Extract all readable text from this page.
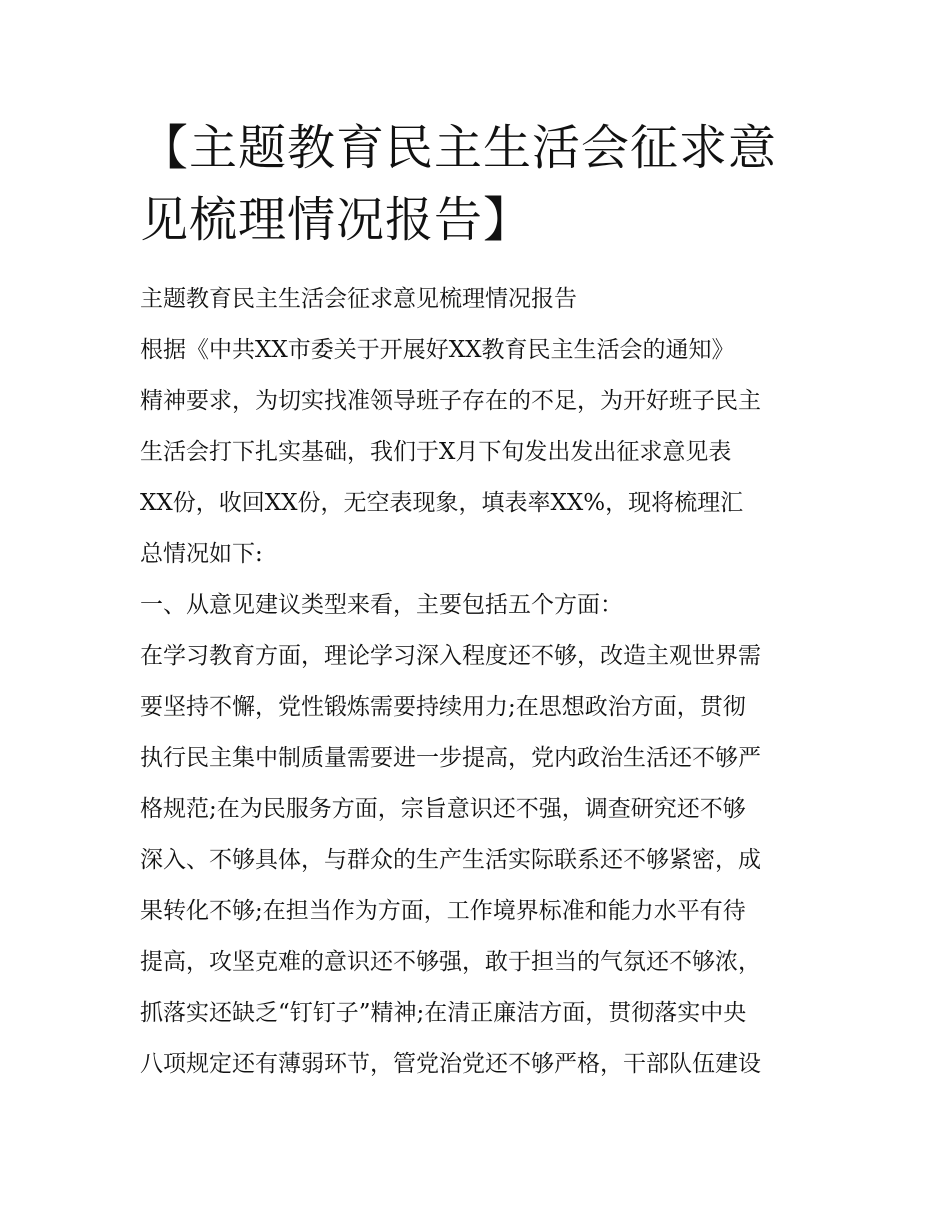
【主题教育民主生活会征求意
见梳理情况报告】

主题教育民主生活会征求意见梳理情况报告

根据《中共XX市委关于开展好XX教育民主生活会的通知》

精神要求，为切实找准领导班子存在的不足，为开好班子民主

生活会打下扎实基础，我们于X月下旬发出发出征求意见表

XX份，收回XX份，无空表现象，填表率XX%，现将梳理汇

总情况如下:

一、从意见建议类型来看，主要包括五个方面：

在学习教育方面，理论学习深入程度还不够，改造主观世界需

要坚持不懈，党性锻炼需要持续用力;在思想政治方面，贯彻

执行民主集中制质量需要进一步提高，党内政治生活还不够严

格规范;在为民服务方面，宗旨意识还不强，调查研究还不够

深入、不够具体，与群众的生产生活实际联系还不够紧密，成

果转化不够;在担当作为方面，工作境界标准和能力水平有待

提高，攻坚克难的意识还不够强，敢于担当的气氛还不够浓，

抓落实还缺乏“钉钉子”精神;在清正廉洁方面，贯彻落实中央

八项规定还有薄弱环节，管党治党还不够严格，干部队伍建设
